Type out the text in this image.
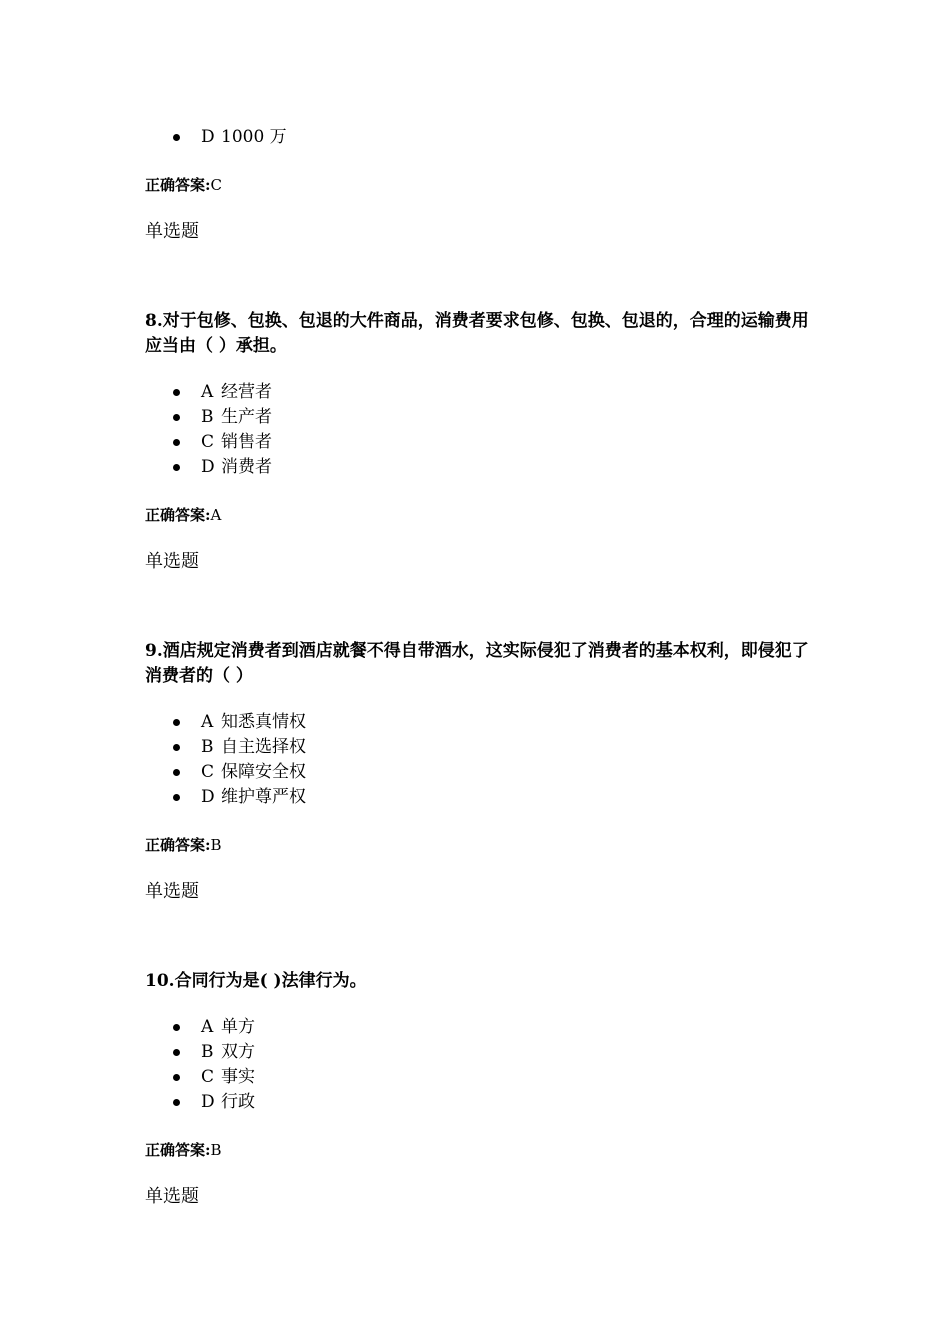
D 1000 万
正确答案:C
单选题

8.对于包修、包换、包退的大件商品，消费者要求包修、包换、包退的，合理的运输费用应当由（ ）承担。

A 经营者
B 生产者
C 销售者
D 消费者
正确答案:A
单选题

9.酒店规定消费者到酒店就餐不得自带酒水，这实际侵犯了消费者的基本权利，即侵犯了消费者的（ ）

A 知悉真情权
B 自主选择权
C 保障安全权
D 维护尊严权
正确答案:B
单选题

10.合同行为是( )法律行为。

A 单方
B 双方
C 事实
D 行政
正确答案:B
单选题
